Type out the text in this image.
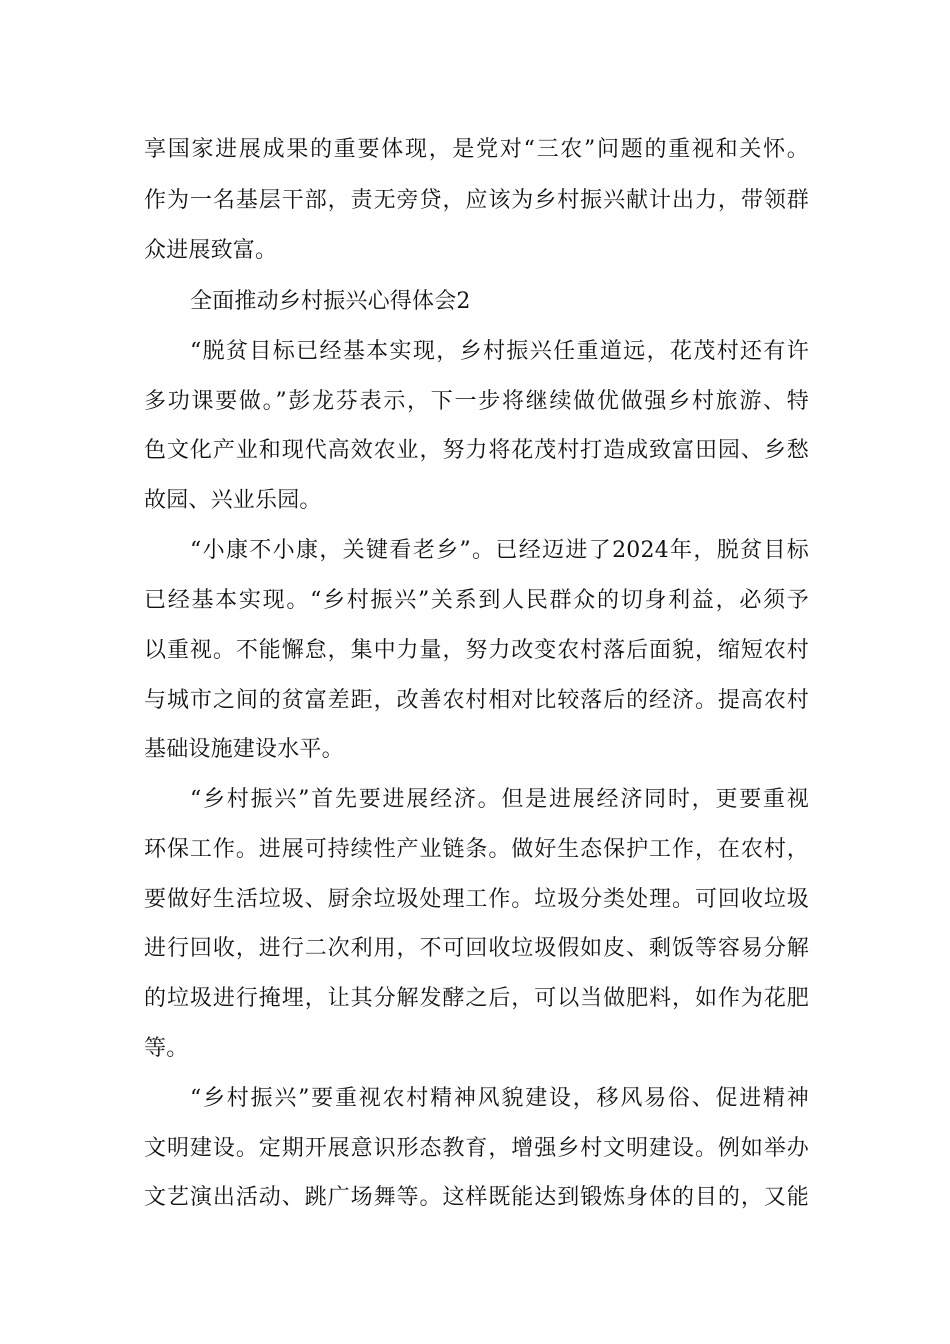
享国家进展成果的重要体现，是党对“三农”问题的重视和关怀。
作为一名基层干部，责无旁贷，应该为乡村振兴献计出力，带领群
众进展致富。
全面推动乡村振兴心得体会2
“脱贫目标已经基本实现，乡村振兴任重道远，花茂村还有许
多功课要做。”彭龙芬表示，下一步将继续做优做强乡村旅游、特
色文化产业和现代高效农业，努力将花茂村打造成致富田园、乡愁
故园、兴业乐园。
“小康不小康，关键看老乡”。已经迈进了2024年，脱贫目标
已经基本实现。“乡村振兴”关系到人民群众的切身利益，必须予
以重视。不能懈怠，集中力量，努力改变农村落后面貌，缩短农村
与城市之间的贫富差距，改善农村相对比较落后的经济。提高农村
基础设施建设水平。
“乡村振兴”首先要进展经济。但是进展经济同时，更要重视
环保工作。进展可持续性产业链条。做好生态保护工作，在农村，
要做好生活垃圾、厨余垃圾处理工作。垃圾分类处理。可回收垃圾
进行回收，进行二次利用，不可回收垃圾假如皮、剩饭等容易分解
的垃圾进行掩埋，让其分解发酵之后，可以当做肥料，如作为花肥
等。
“乡村振兴”要重视农村精神风貌建设，移风易俗、促进精神
文明建设。定期开展意识形态教育，增强乡村文明建设。例如举办
文艺演出活动、跳广场舞等。这样既能达到锻炼身体的目的，又能
